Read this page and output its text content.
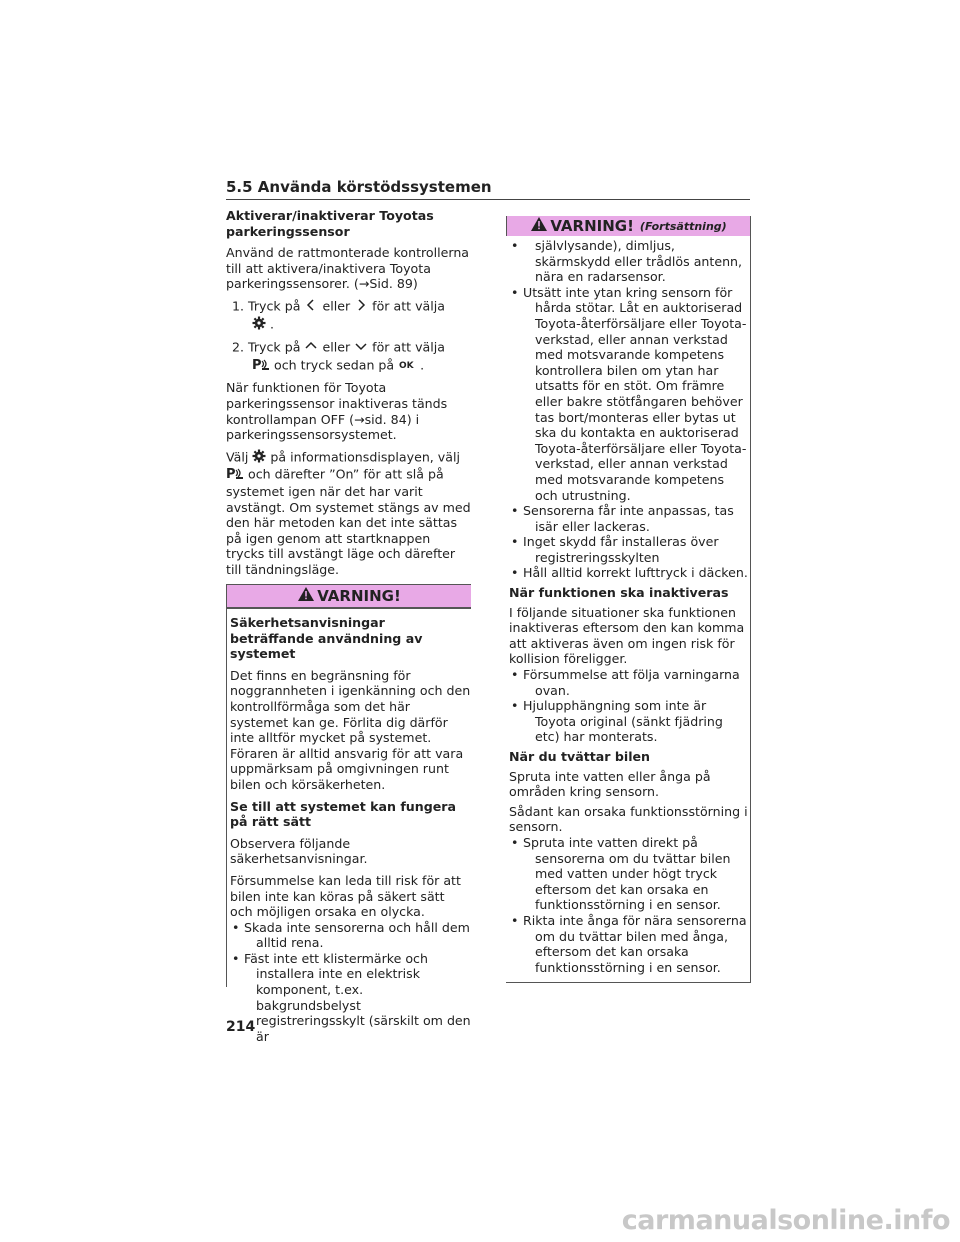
5.5 Använda körstödssystemen
Aktiverar/inaktiverar Toyotas parkeringssensor

Använd de rattmonterade kontrollerna till att aktivera/inaktivera Toyota parkeringssensorer. (→Sid. 89)

1. Tryck på eller för att välja
.
2. Tryck på eller för att välja
P och tryck sedan på OK .

När funktionen för Toyota parkeringssensor inaktiveras tänds kontrollampan OFF (→sid. 84) i parkeringssensorsystemet.

Välj på informationsdisplayen, välj
P och därefter ”On” för att slå på systemet igen när det har varit avstängt. Om systemet stängs av med den här metoden kan det inte sättas på igen genom att startknappen trycks till avstängt läge och därefter till tändningsläge.

VARNING!
Säkerhetsanvisningar beträffande användning av systemet

Det finns en begränsning för noggrannheten i igenkänning och den kontrollförmåga som det här systemet kan ge. Förlita dig därför inte alltför mycket på systemet. Föraren är alltid ansvarig för att vara uppmärksam på omgivningen runt bilen och körsäkerheten.

Se till att systemet kan fungera på rätt sätt

Observera följande säkerhetsanvisningar.

Försummelse kan leda till risk för att bilen inte kan köras på säkert sätt och möjligen orsaka en olycka.

• Skada inte sensorerna och håll dem alltid rena.
• Fäst inte ett klistermärke och installera inte en elektrisk komponent, t.ex. bakgrundsbelyst registreringsskylt (särskilt om den är
VARNING! (Fortsättning)
• självlysande), dimljus, skärmskydd eller trådlös antenn, nära en radarsensor.
• Utsätt inte ytan kring sensorn för hårda stötar. Låt en auktoriserad Toyota-återförsäljare eller Toyota-verkstad, eller annan verkstad med motsvarande kompetens kontrollera bilen om ytan har utsatts för en stöt. Om främre eller bakre stötfångaren behöver tas bort/monteras eller bytas ut ska du kontakta en auktoriserad Toyota-återförsäljare eller Toyota-verkstad, eller annan verkstad med motsvarande kompetens och utrustning.
• Sensorerna får inte anpassas, tas isär eller lackeras.
• Inget skydd får installeras över registreringsskylten
• Håll alltid korrekt lufttryck i däcken.
När funktionen ska inaktiveras

I följande situationer ska funktionen inaktiveras eftersom den kan komma att aktiveras även om ingen risk för kollision föreligger.

• Försummelse att följa varningarna ovan.
• Hjulupphängning som inte är Toyota original (sänkt fjädring etc) har monterats.
När du tvättar bilen

Spruta inte vatten eller ånga på områden kring sensorn.

Sådant kan orsaka funktionsstörning i sensorn.

• Spruta inte vatten direkt på sensorerna om du tvättar bilen med vatten under högt tryck eftersom det kan orsaka en funktionsstörning i en sensor.
• Rikta inte ånga för nära sensorerna om du tvättar bilen med ånga, eftersom det kan orsaka funktionsstörning i en sensor.
214
carmanualsonline.info
